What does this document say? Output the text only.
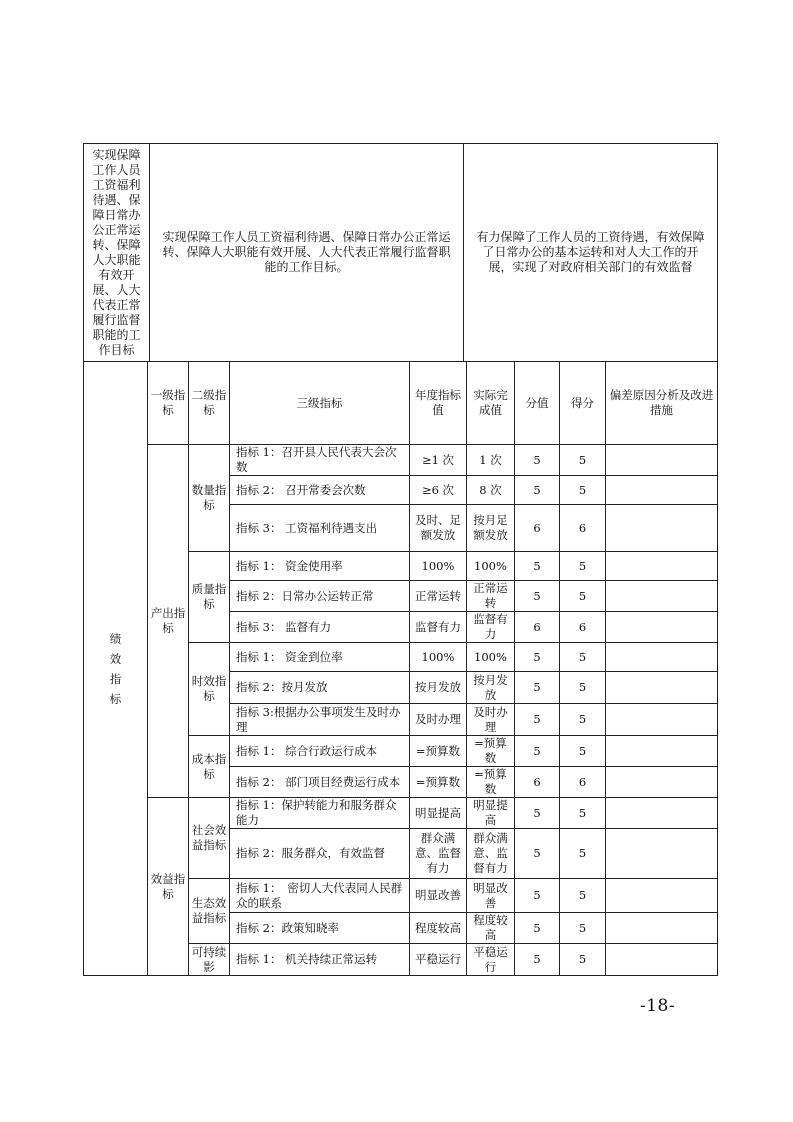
实现保障工作人员工资福利待遇、保障日常办公正常运转、保障人大职能有效开展、人大代表正常履行监督职能的工作目标	实现保障工作人员工资福利待遇、保障日常办公正常运转、保障人大职能有效开展、人大代表正常履行监督职能的工作目标。	有力保障了工作人员的工资待遇，有效保障了日常办公的基本运转和对人大工作的开展，实现了对政府相关部门的有效监督
绩效指标	一级指标	二级指标	三级指标	年度指标值	实际完成值	分值	得分	偏差原因分析及改进措施
	产出指标	数量指标	指标 1：召开县人民代表大会次数	≥1 次	1 次	5	5	
			指标 2： 召开常委会次数	≥6 次	8 次	5	5	
			指标 3： 工资福利待遇支出	及时、足额发放	按月足额发放	6	6	
		质量指标	指标 1： 资金使用率	100%	100%	5	5	
			指标 2：日常办公运转正常	正常运转	正常运转	5	5	
			指标 3： 监督有力	监督有力	监督有力	6	6	
		时效指标	指标 1： 资金到位率	100%	100%	5	5	
			指标 2：按月发放	按月发放	按月发放	5	5	
			指标 3:根据办公事项发生及时办理	及时办理	及时办理	5	5	
		成本指标	指标 1： 综合行政运行成本	=预算数	=预算数	5	5	
			指标 2： 部门项目经费运行成本	=预算数	=预算数	6	6	
	效益指标	社会效益指标	指标 1：保护转能力和服务群众能力	明显提高	明显提高	5	5	
			指标 2：服务群众，有效监督	群众满意、监督有力	群众满意、监督有力	5	5	
		生态效益指标	指标 1：　密切人大代表同人民群众的联系	明显改善	明显改善	5	5	
			指标 2：政策知晓率	程度较高	程度较高	5	5	
		可持续影	指标 1： 机关持续正常运转	平稳运行	平稳运行	5	5	
-18-
